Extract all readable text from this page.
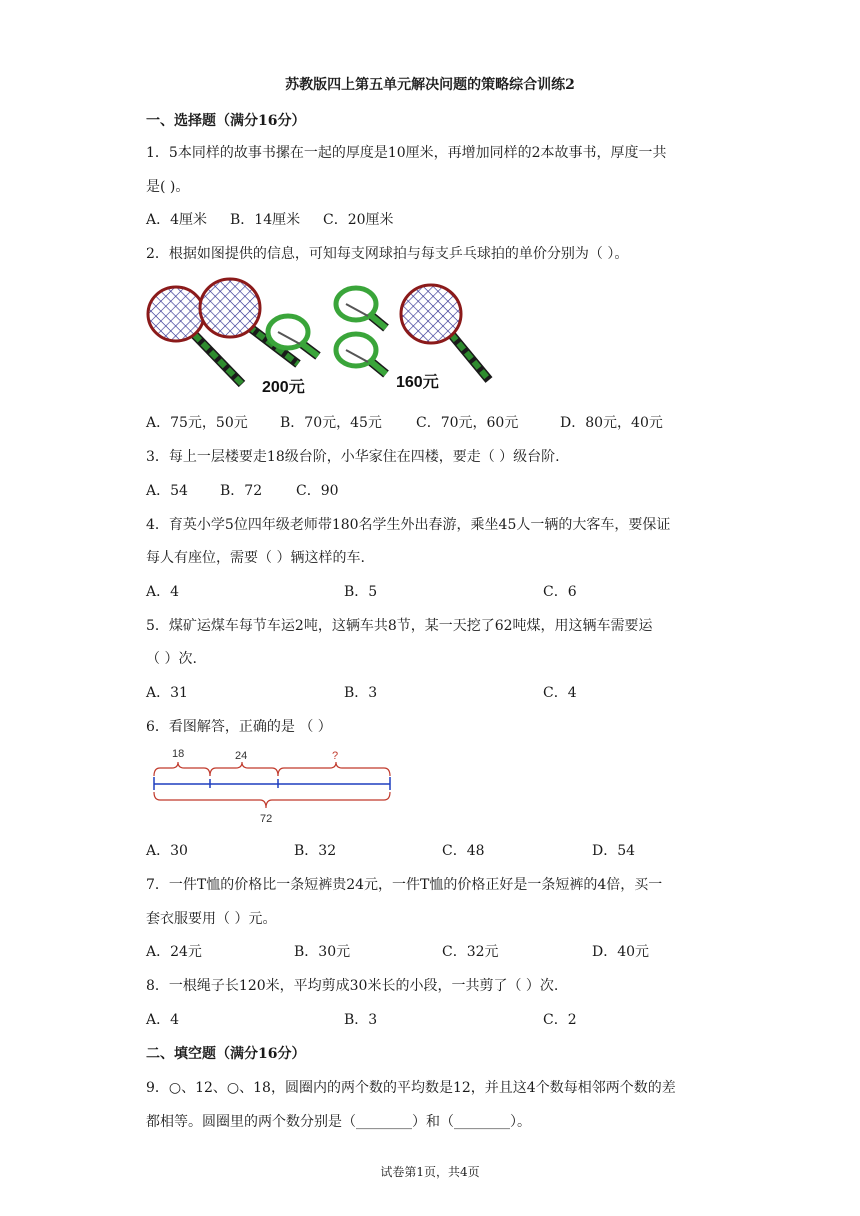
苏教版四上第五单元解决问题的策略综合训练2
一、选择题（满分16分）
1．5本同样的故事书摞在一起的厚度是10厘米，再增加同样的2本故事书，厚度一共
是( )。
A．4厘米 B．14厘米 C．20厘米
2．根据如图提供的信息，可知每支网球拍与每支乒乓球拍的单价分别为（ ）。
200元	160元
A．75元，50元 B．70元，45元 C．70元，60元	D．80元，40元
3．每上一层楼要走18级台阶，小华家住在四楼，要走（ ）级台阶.
A．54 B．72 C．90
4．育英小学5位四年级老师带180名学生外出春游，乘坐45人一辆的大客车，要保证
每人有座位，需要（ ）辆这样的车.
A．4	B．5	C．6
5．煤矿运煤车每节车运2吨，这辆车共8节，某一天挖了62吨煤，用这辆车需要运
（ ）次.
A．31	B．3	C．4
6．看图解答，正确的是 （ ）
18	24	?
72
A．30	B．32	C．48	D．54
7．一件T恤的价格比一条短裤贵24元，一件T恤的价格正好是一条短裤的4倍，买一
套衣服要用（ ）元。
A．24元	B．30元	C．32元	D．40元
8．一根绳子长120米，平均剪成30米长的小段，一共剪了（ ）次.
A．4	B．3	C．2
二、填空题（满分16分）
9．○、12、○、18，圆圈内的两个数的平均数是12，并且这4个数每相邻两个数的差
都相等。圆圈里的两个数分别是（________）和（________）。
试卷第1页，共4页
